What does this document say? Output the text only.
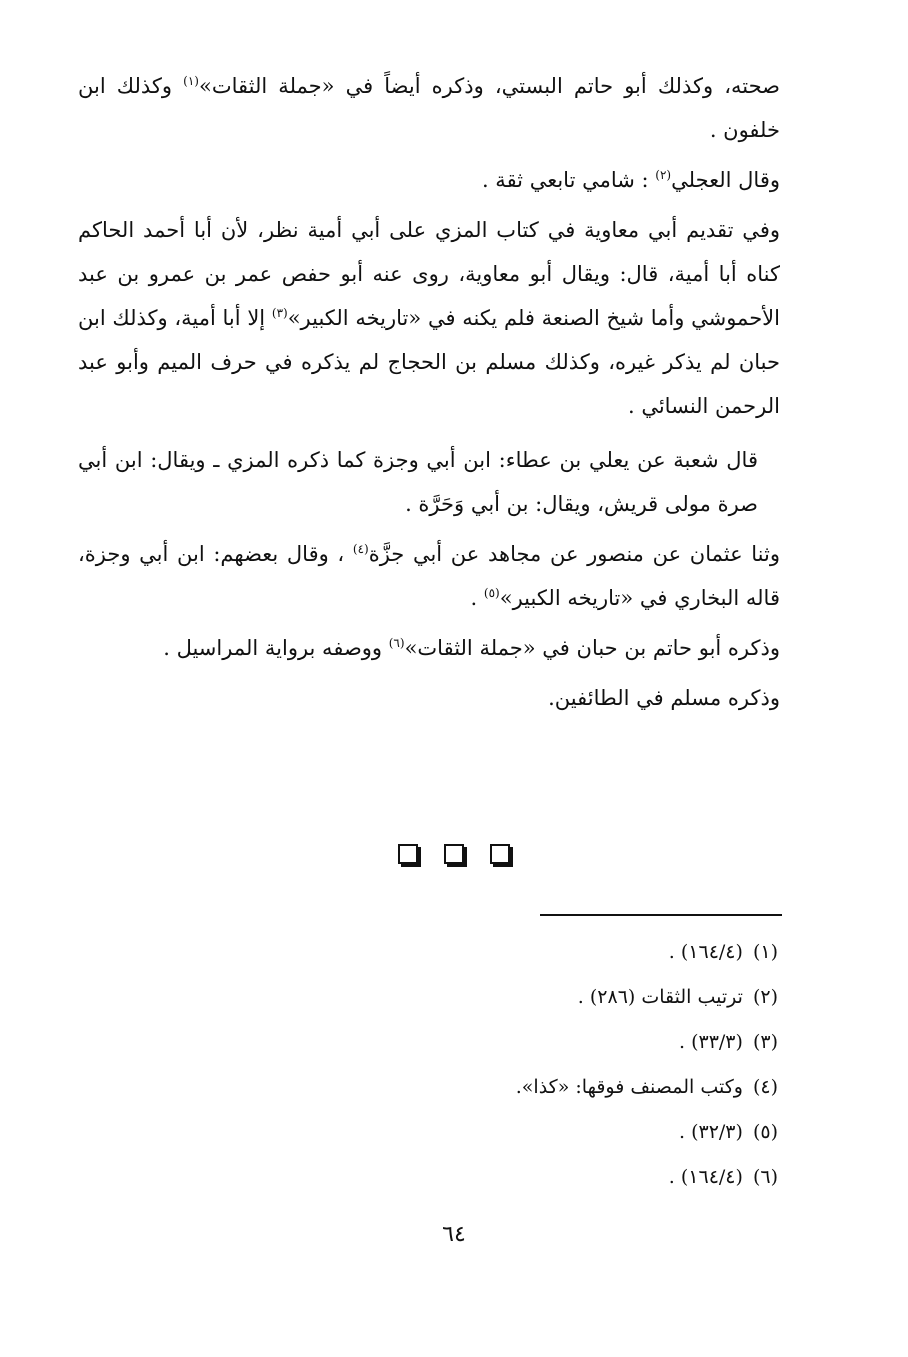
صحته، وكذلك أبو حاتم البستي، وذكره أيضاً في «جملة الثقات»$^{(١)}$ وكذلك ابن خلفون .

وقال العجلي$^{(٢)}$ : شامي تابعي ثقة .

وفي تقديم أبي معاوية في كتاب المزي على أبي أمية نظر، لأن أبا أحمد الحاكم كناه أبا أمية، قال: ويقال أبو معاوية، روى عنه أبو حفص عمر بن عمرو بن عبد الأحموشي وأما شيخ الصنعة فلم يكنه في «تاريخه الكبير»$^{(٣)}$ إلا أبا أمية، وكذلك ابن حبان لم يذكر غيره، وكذلك مسلم بن الحجاج لم يذكره في حرف الميم وأبو عبد الرحمن النسائي .

قال شعبة عن يعلي بن عطاء: ابن أبي وجزة كما ذكره المزي ـ ويقال: ابن أبي صرة مولى قريش، ويقال: بن أبي وَحَرَّة .

وثنا عثمان عن منصور عن مجاهد عن أبي جزَّة$^{(٤)}$ ، وقال بعضهم: ابن أبي وجزة، قاله البخاري في «تاريخه الكبير»$^{(٥)}$ .

وذكره أبو حاتم بن حبان في «جملة الثقات»$^{(٦)}$ ووصفه برواية المراسيل .

وذكره مسلم في الطائفين.

(١)(١٦٤/٤) .
(٢)ترتيب الثقات (٢٨٦) .
(٣)(٣٣/٣) .
(٤)وكتب المصنف فوقها: «كذا».
(٥)(٣٢/٣) .
(٦)(١٦٤/٤) .
٦٤
